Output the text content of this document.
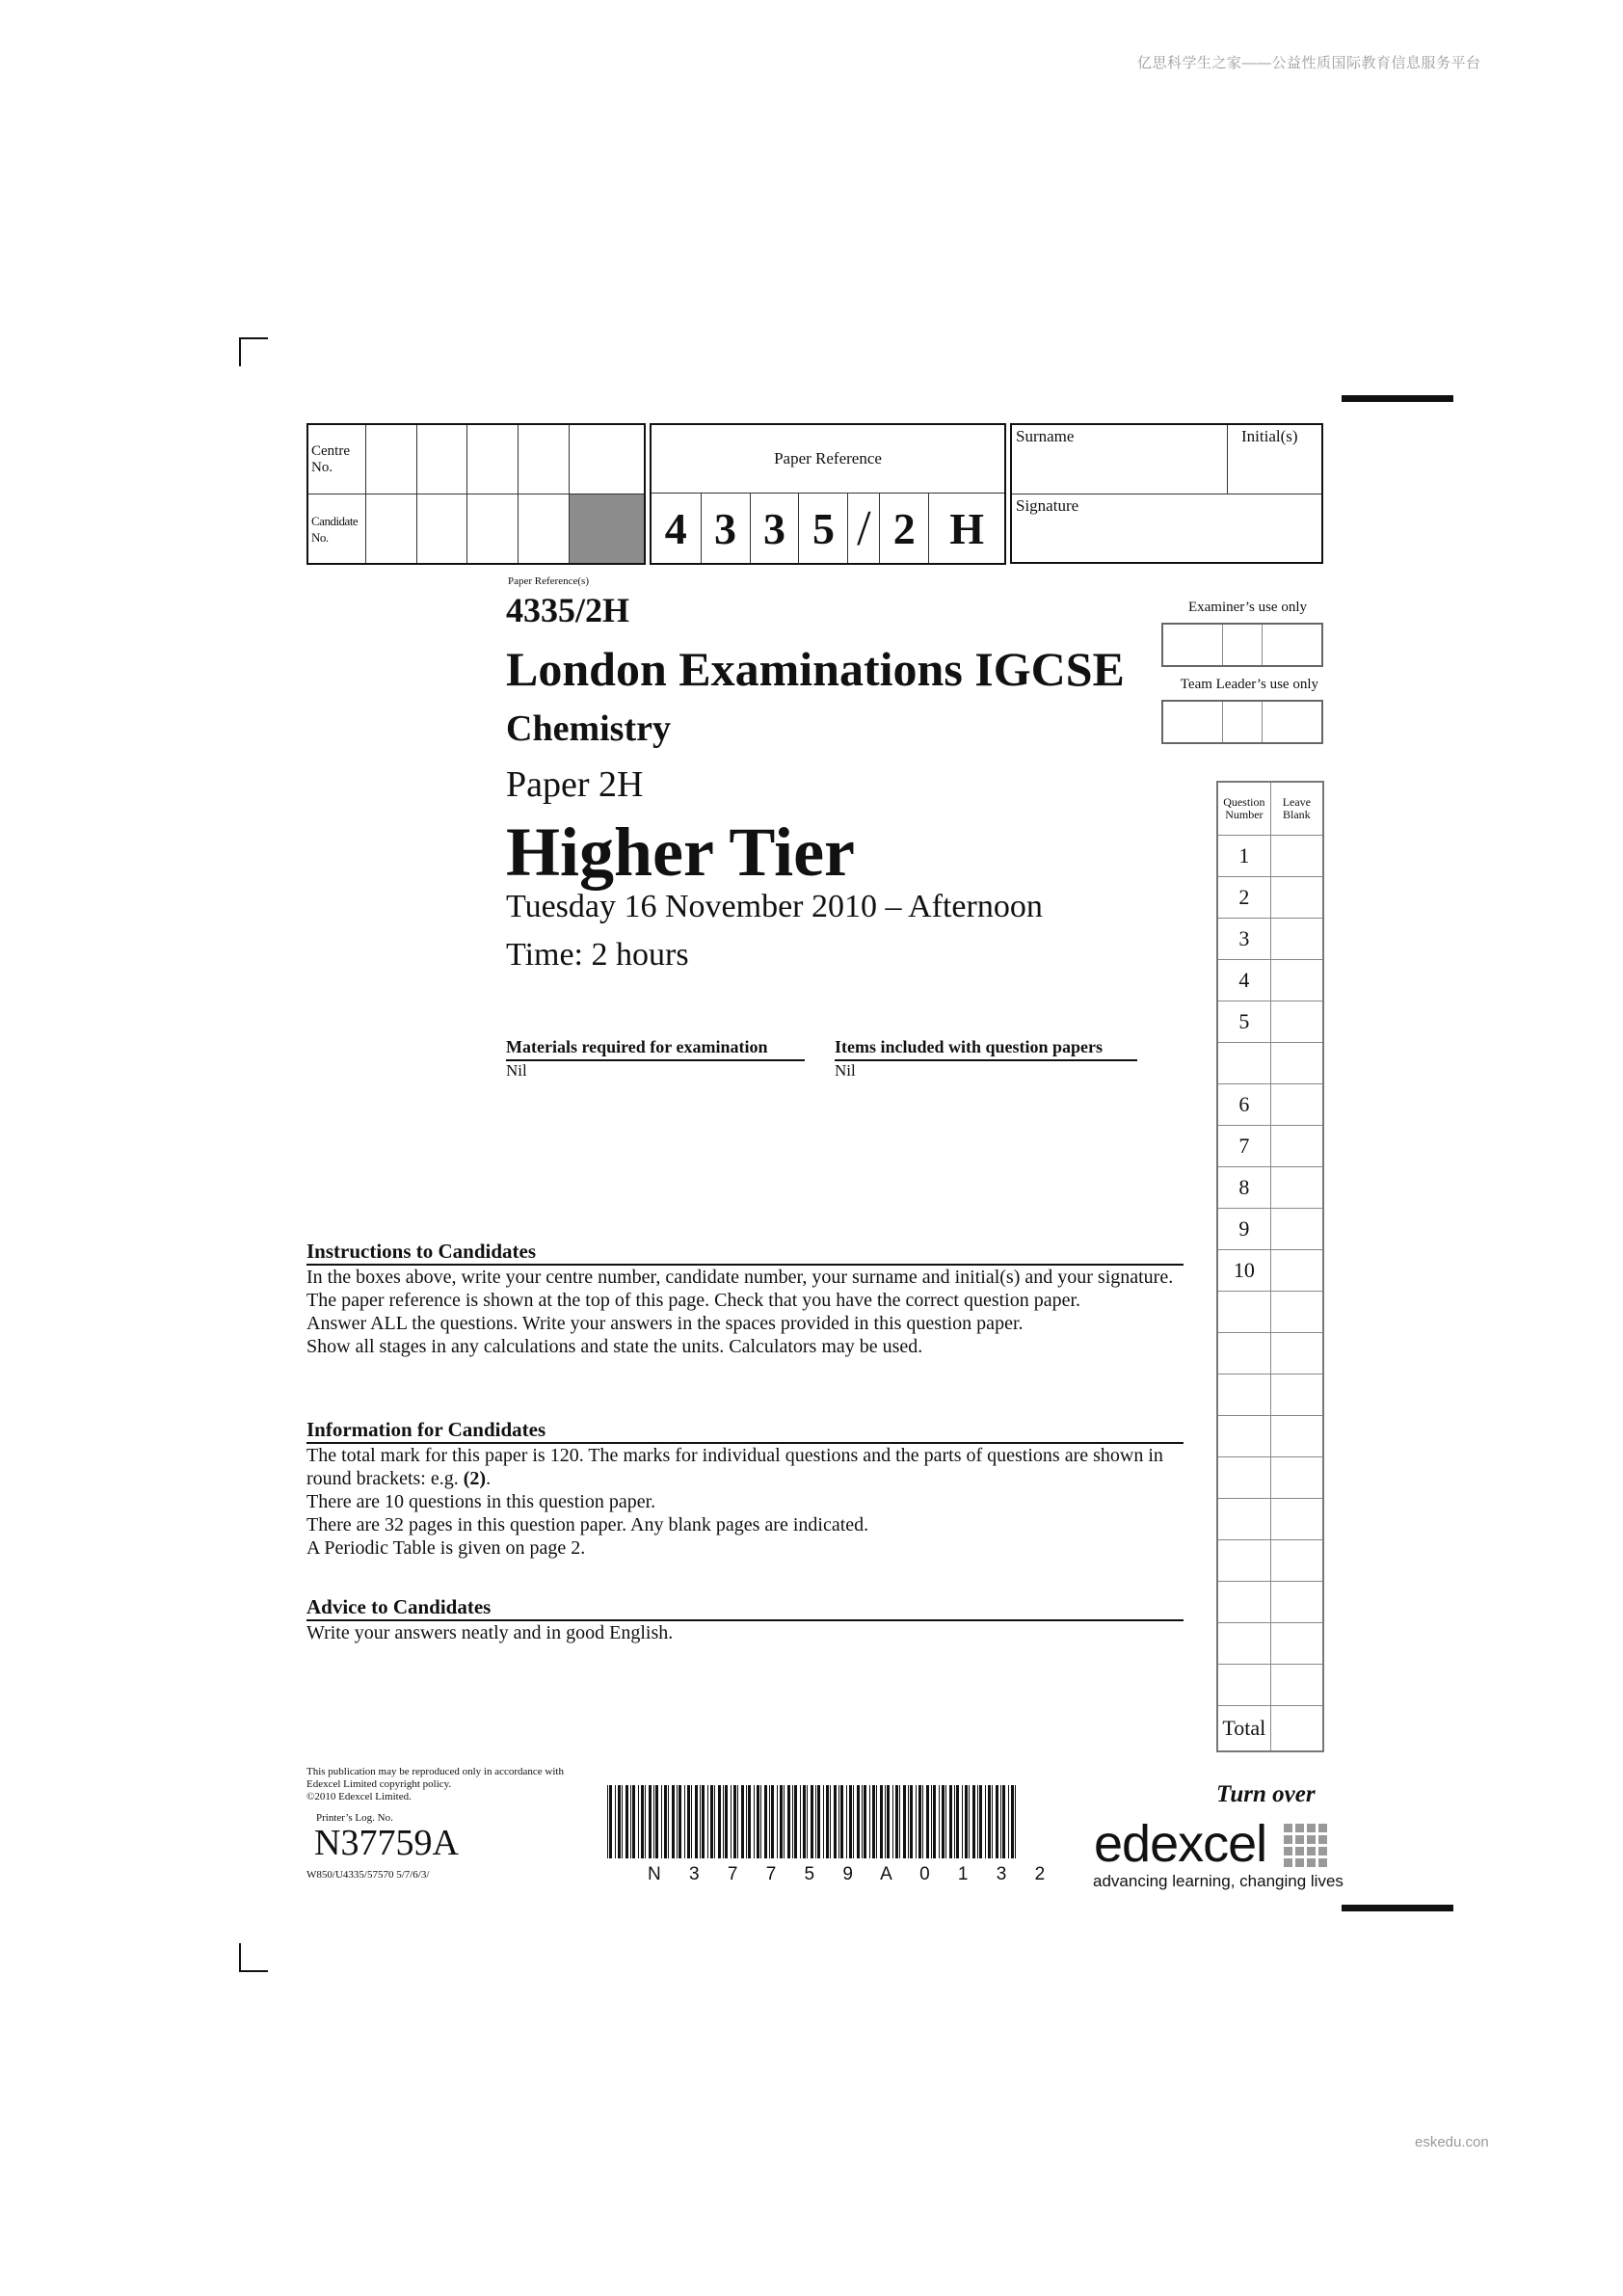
亿思科学生之家——公益性质国际教育信息服务平台
eskedu.con
Centre No.					
Candidate No.					
Paper Reference
4	3	3	5	/	2	H
Surname	Initial(s)
Signature
Paper Reference(s)
4335/2H
London Examinations IGCSE
Chemistry
Paper 2H
Higher Tier
Tuesday 16 November 2010 – Afternoon
Time: 2 hours
Materials required for examination
Nil
Items included with question papers
Nil
Examiner’s use only

Team Leader’s use only

Question Number	Leave Blank
1	
2	
3	
4	
5	

6	
7	
8	
9	
10	

Total	
Instructions to Candidates
In the boxes above, write your centre number, candidate number, your surname and initial(s) and your signature.
The paper reference is shown at the top of this page. Check that you have the correct question paper.
Answer ALL the questions. Write your answers in the spaces provided in this question paper.
Show all stages in any calculations and state the units. Calculators may be used.
Information for Candidates
The total mark for this paper is 120. The marks for individual questions and the parts of questions are shown in round brackets: e.g. (2).
There are 10 questions in this question paper.
There are 32 pages in this question paper. Any blank pages are indicated.
A Periodic Table is given on page 2.
Advice to Candidates
Write your answers neatly and in good English.
This publication may be reproduced only in accordance with
Edexcel Limited copyright policy.
©2010 Edexcel Limited.
Printer’s Log. No.
N37759A
W850/U4335/57570 5/7/6/3/	N 3 7 7 5 9 A 0 1 3 2
Turn over
edexcel
advancing learning, changing lives
